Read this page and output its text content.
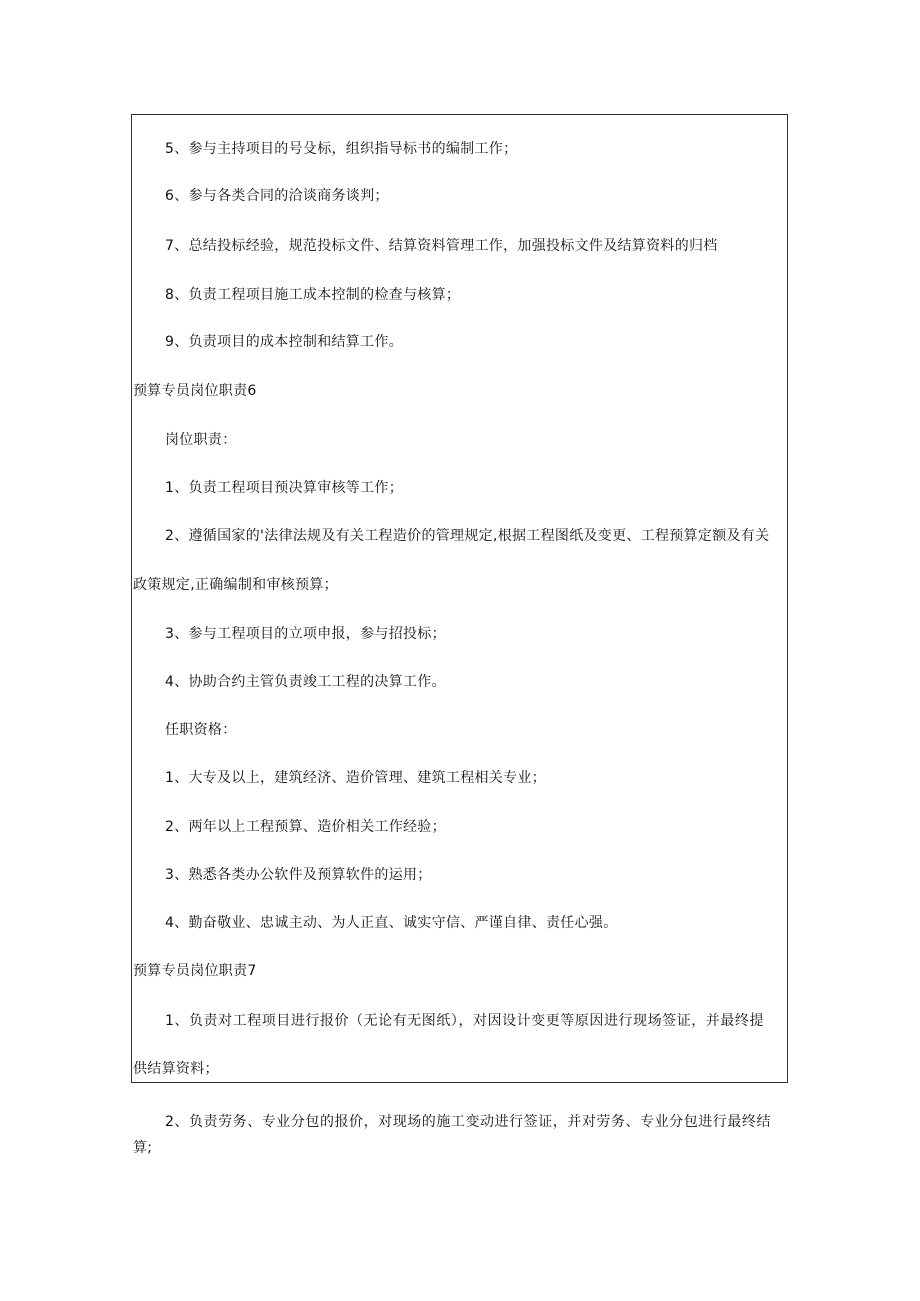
5、参与主持项目的号殳标，组织指导标书的编制工作；
6、参与各类合同的洽谈商务谈判；
7、总结投标经验，规范投标文件、结算资料管理工作，加强投标文件及结算资料的归档
8、负责工程项目施工成本控制的检查与核算；
9、负责项目的成本控制和结算工作。
预算专员岗位职责6
岗位职责：
1、负责工程项目预决算审核等工作；
2、遵循国家的'法律法规及有关工程造价的管理规定,根据工程图纸及变更、工程预算定额及有关
政策规定,正确编制和审核预算；
3、参与工程项目的立项申报，参与招投标；
4、协助合约主管负责竣工工程的决算工作。
任职资格：
1、大专及以上，建筑经济、造价管理、建筑工程相关专业；
2、两年以上工程预算、造价相关工作经验；
3、熟悉各类办公软件及预算软件的运用；
4、勤奋敬业、忠诚主动、为人正直、诚实守信、严谨自律、责任心强。
预算专员岗位职责7
1、负责对工程项目进行报价（无论有无图纸），对因设计变更等原因进行现场签证，并最终提
供结算资料；
2、负责劳务、专业分包的报价，对现场的施工变动进行签证，并对劳务、专业分包进行最终结
算;
